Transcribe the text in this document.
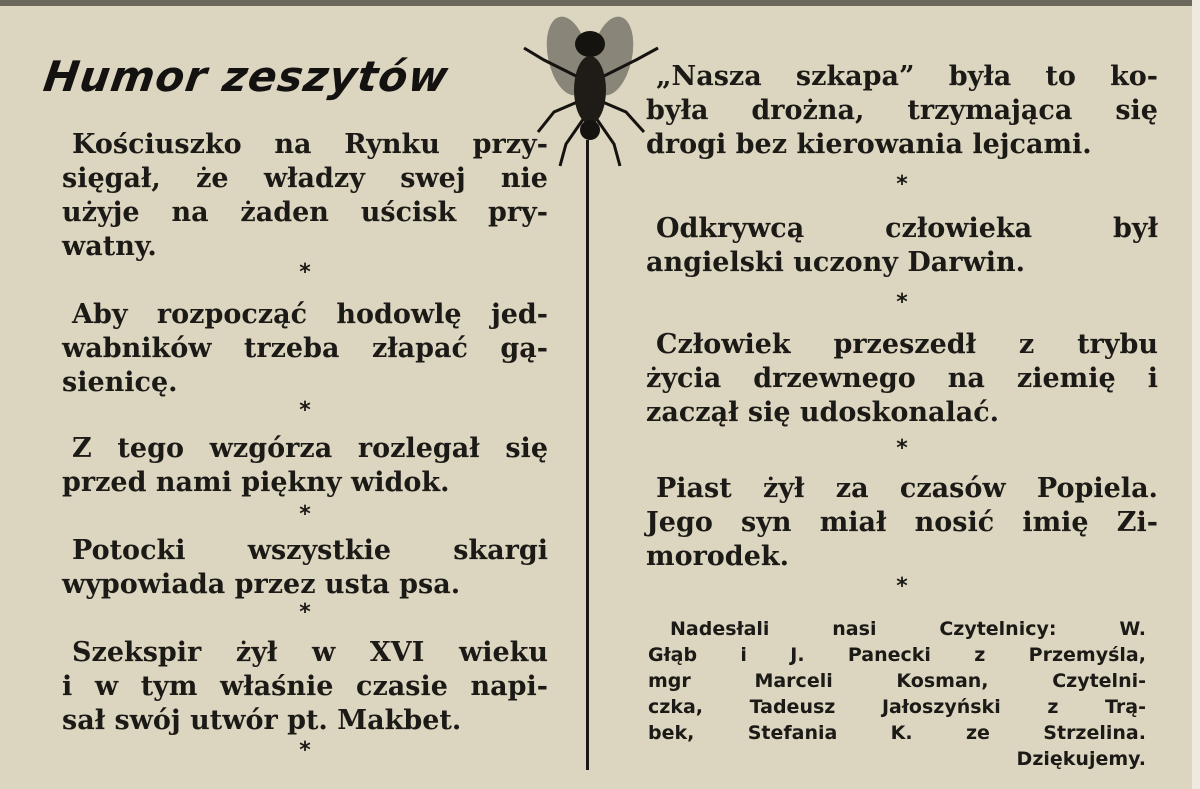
Humor zeszytów
Kościuszko na Rynku przy-
sięgał, że władzy swej nie
użyje na żaden uścisk pry-
watny.
*
Aby rozpocząć hodowlę jed-
wabników trzeba złapać gą-
sienicę.
*
Z tego wzgórza rozlegał się
przed nami piękny widok.
*
Potocki wszystkie skargi
wypowiada przez usta psa.
*
Szekspir żył w XVI wieku
i w tym właśnie czasie napi-
sał swój utwór pt. Makbet.
*
„Nasza szkapa” była to ko-
była drożna, trzymająca się
drogi bez kierowania lejcami.
*
Odkrywcą	człowieka	był
angielski uczony Darwin.
*
Człowiek przeszedł z trybu
życia drzewnego na ziemię i
zaczął się udoskonalać.
*
Piast żył za czasów Popiela.
Jego syn miał nosić imię Zi-
morodek.
*
Nadesłali	nasi	Czytelnicy:	W.
Głąb i J. Panecki z Przemyśla,
mgr	Marceli	Kosman,	Czytelni-
czka, Tadeusz Jałoszyński z Trą-
bek,	Stefania	K.	ze	Strzelina.
Dziękujemy.
